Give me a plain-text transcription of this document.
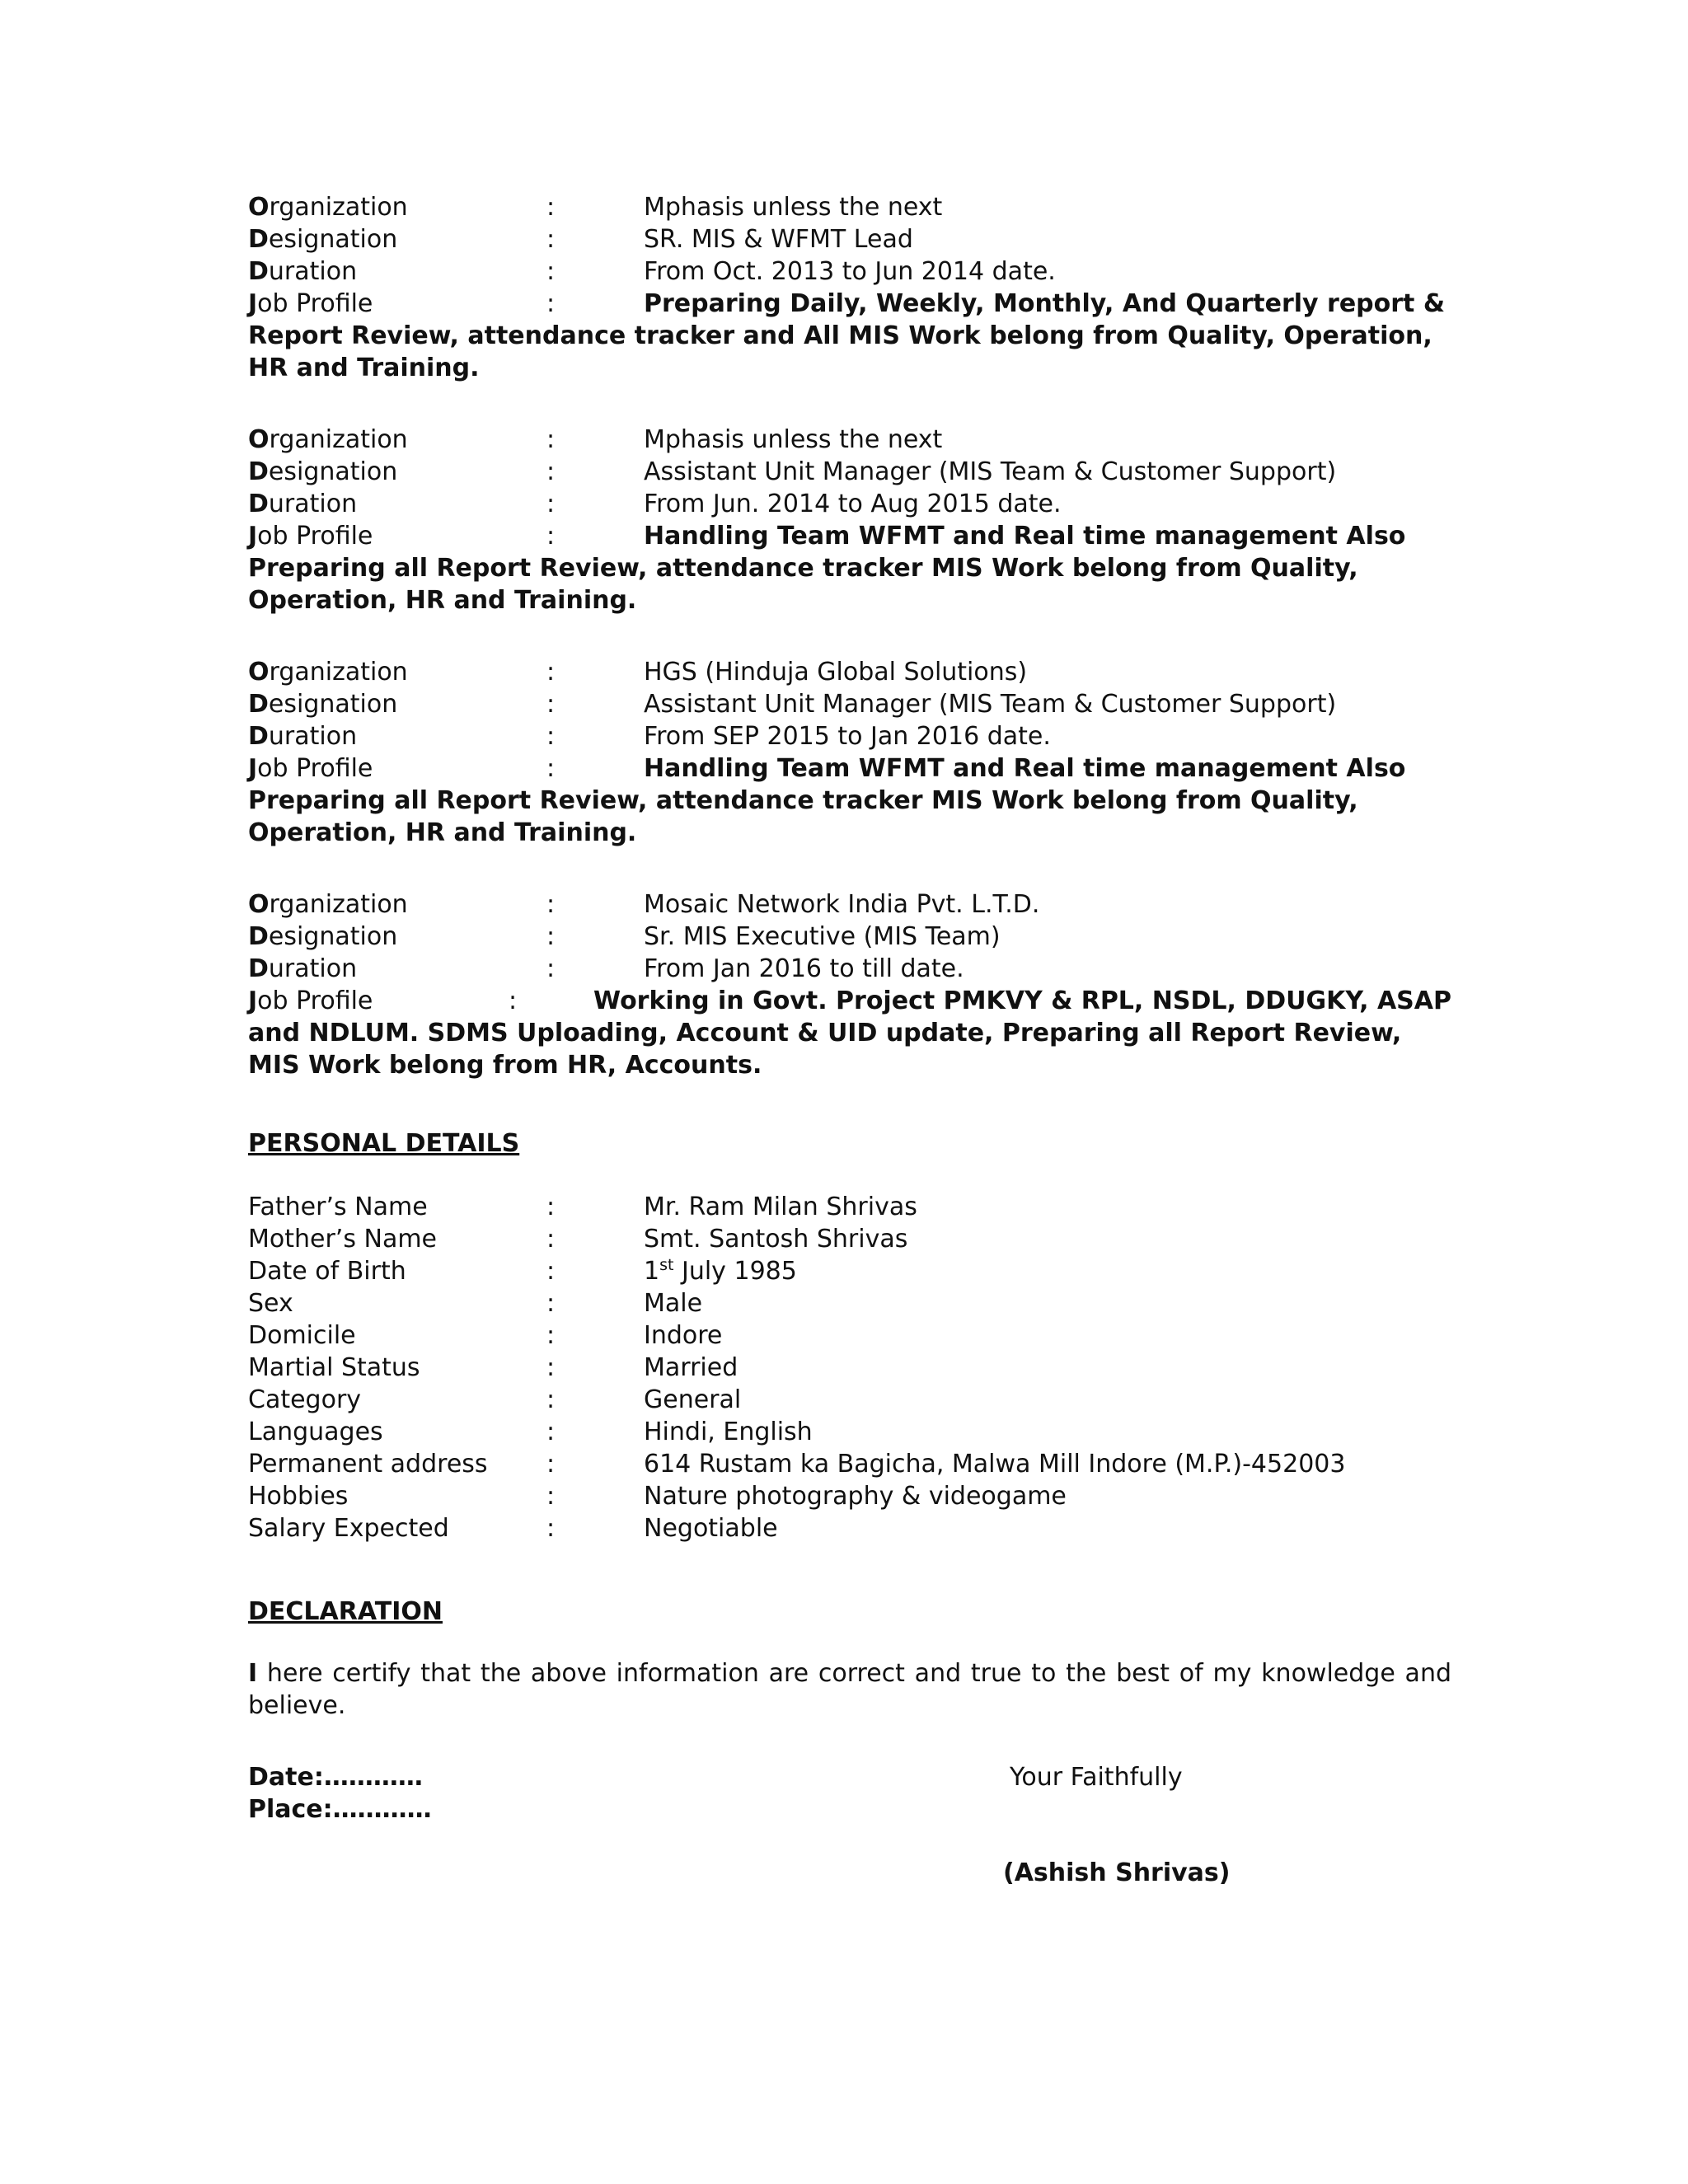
Organization	:	Mphasis unless the next
Designation	:	SR. MIS & WFMT Lead
Duration	:	From Oct. 2013 to Jun 2014 date.
Job Profile	:	Preparing Daily, Weekly, Monthly, And Quarterly report &
Report Review, attendance tracker and All MIS Work belong from Quality, Operation, HR and Training.
Organization	:	Mphasis unless the next
Designation	:	Assistant Unit Manager (MIS Team & Customer Support)
Duration	:	From Jun. 2014 to Aug 2015 date.
Job Profile	:	Handling Team WFMT and Real time management Also
Preparing all Report Review, attendance tracker MIS Work belong from Quality, Operation, HR and Training.
Organization	:	HGS (Hinduja Global Solutions)
Designation	:	Assistant Unit Manager (MIS Team & Customer Support)
Duration	:	From SEP 2015 to Jan 2016 date.
Job Profile	:	Handling Team WFMT and Real time management Also
Preparing all Report Review, attendance tracker MIS Work belong from Quality, Operation, HR and Training.
Organization	:	Mosaic Network India Pvt. L.T.D.
Designation	:	Sr. MIS Executive (MIS Team)
Duration	:	From Jan 2016 to till date.
Job Profile	:	Working in Govt. Project PMKVY & RPL, NSDL, DDUGKY, ASAP
and NDLUM. SDMS Uploading, Account & UID update, Preparing all Report Review, MIS Work belong from HR, Accounts.
PERSONAL DETAILS
Father’s Name	:	Mr. Ram Milan Shrivas
Mother’s Name	:	Smt. Santosh Shrivas
Date of Birth	:	1st July 1985
Sex	:	Male
Domicile	:	Indore
Martial Status	:	Married
Category	:	General
Languages	:	Hindi, English
Permanent address	:	614 Rustam ka Bagicha, Malwa Mill Indore (M.P.)-452003
Hobbies	:	Nature photography & videogame
Salary Expected	:	Negotiable
DECLARATION
I here certify that the above information are correct and true to the best of my knowledge and believe.
Date:…………
Place:…………
Your Faithfully
(Ashish Shrivas)
